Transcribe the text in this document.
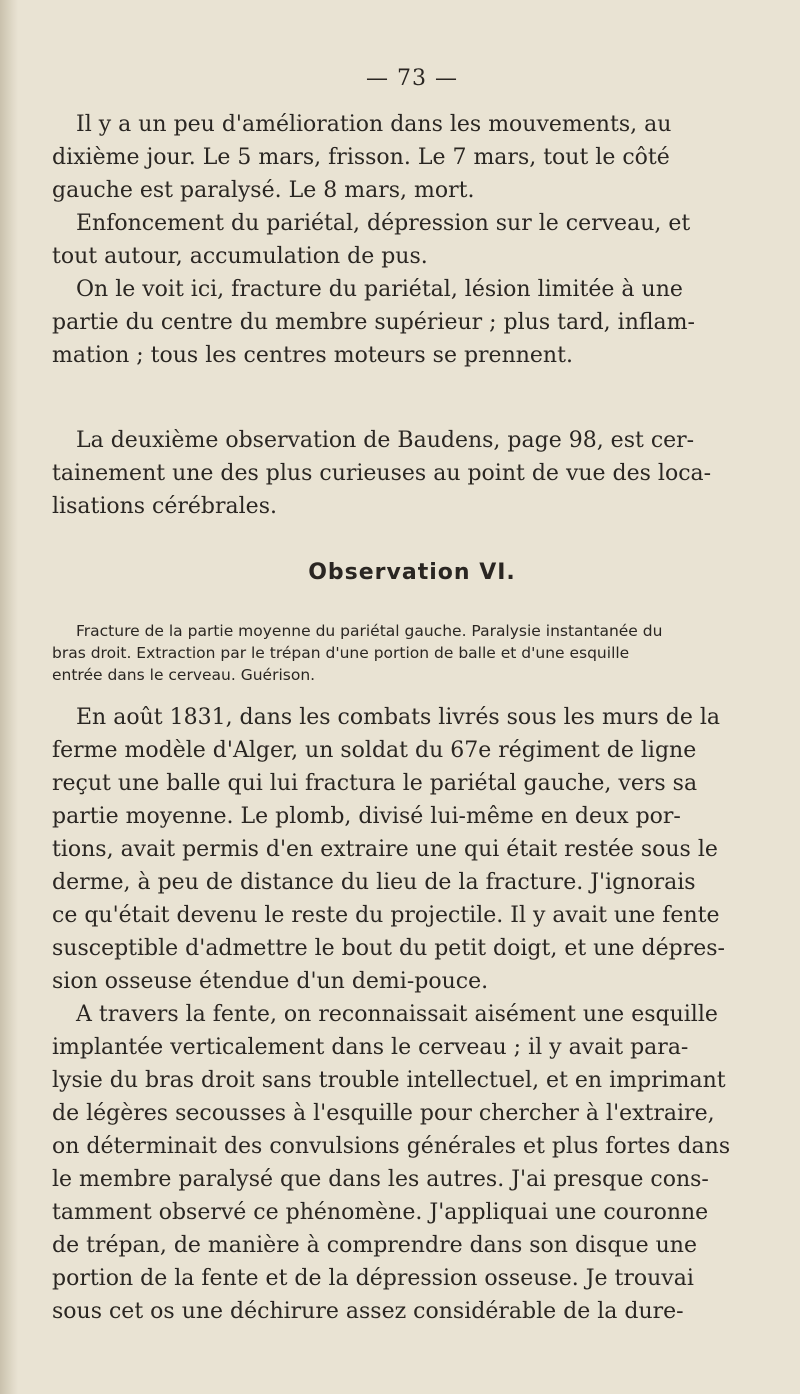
— 73 —
Il y a un peu d'amélioration dans les mouvements, au
dixième jour. Le 5 mars, frisson. Le 7 mars, tout le côté
gauche est paralysé. Le 8 mars, mort.
Enfoncement du pariétal, dépression sur le cerveau, et
tout autour, accumulation de pus.
On le voit ici, fracture du pariétal, lésion limitée à une
partie du centre du membre supérieur ; plus tard, inflam-
mation ; tous les centres moteurs se prennent.
La deuxième observation de Baudens, page 98, est cer-
tainement une des plus curieuses au point de vue des loca-
lisations cérébrales.
Observation VI.
Fracture de la partie moyenne du pariétal gauche. Paralysie instantanée du
bras droit. Extraction par le trépan d'une portion de balle et d'une esquille
entrée dans le cerveau. Guérison.
En août 1831, dans les combats livrés sous les murs de la
ferme modèle d'Alger, un soldat du 67e régiment de ligne
reçut une balle qui lui fractura le pariétal gauche, vers sa
partie moyenne. Le plomb, divisé lui-même en deux por-
tions, avait permis d'en extraire une qui était restée sous le
derme, à peu de distance du lieu de la fracture. J'ignorais
ce qu'était devenu le reste du projectile. Il y avait une fente
susceptible d'admettre le bout du petit doigt, et une dépres-
sion osseuse étendue d'un demi-pouce.
A travers la fente, on reconnaissait aisément une esquille
implantée verticalement dans le cerveau ; il y avait para-
lysie du bras droit sans trouble intellectuel, et en imprimant
de légères secousses à l'esquille pour chercher à l'extraire,
on déterminait des convulsions générales et plus fortes dans
le membre paralysé que dans les autres. J'ai presque cons-
tamment observé ce phénomène. J'appliquai une couronne
de trépan, de manière à comprendre dans son disque une
portion de la fente et de la dépression osseuse. Je trouvai
sous cet os une déchirure assez considérable de la dure-
